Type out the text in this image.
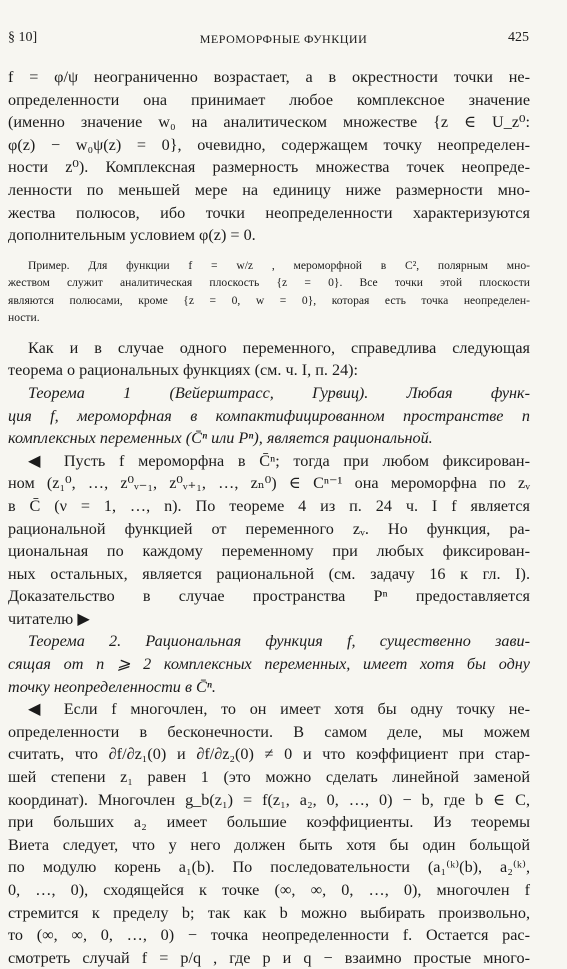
§ 10]	МЕРОМОРФНЫЕ ФУНКЦИИ	425
f = φ/ψ неограниченно возрастает, а в окрестности точки не-
определенности она принимает любое комплексное значение
(именно значение w₀ на аналитическом множестве {z ∈ U_z⁰:
φ(z) − w₀ψ(z) = 0}, очевидно, содержащем точку неопределен-
ности z⁰). Комплексная размерность множества точек неопреде-
ленности по меньшей мере на единицу ниже размерности мно-
жества полюсов, ибо точки неопределенности характеризуются
дополнительным условием φ(z) = 0.
Пример. Для функции f = w/z , мероморфной в C², полярным мно-
жеством служит аналитическая плоскость {z = 0}. Все точки этой плоскости
являются полюсами, кроме {z = 0, w = 0}, которая есть точка неопределен-
ности.
Как и в случае одного переменного, справедлива следующая
теорема о рациональных функциях (см. ч. I, п. 24):
Теорема 1 (Вейерштрасс, Гурвиц). Любая функ-
ция f, мероморфная в компактифицированном пространстве n
комплексных переменных (C̄ⁿ или Pⁿ), является рациональной.
◀ Пусть f мероморфна в C̄ⁿ; тогда при любом фиксирован-
ном (z₁⁰, …, z⁰ᵥ₋₁, z⁰ᵥ₊₁, …, zₙ⁰) ∈ Cⁿ⁻¹ она мероморфна по zᵥ
в C̄ (ν = 1, …, n). По теореме 4 из п. 24 ч. I f является
рациональной функцией от переменного zᵥ. Но функция, ра-
циональная по каждому переменному при любых фиксирован-
ных остальных, является рациональной (см. задачу 16 к гл. I).
Доказательство в случае пространства Pⁿ предоставляется
читателю ▶
Теорема 2. Рациональная функция f, существенно зави-
сящая от n ⩾ 2 комплексных переменных, имеет хотя бы одну
точку неопределенности в C̄ⁿ.
◀ Если f многочлен, то он имеет хотя бы одну точку не-
определенности в бесконечности. В самом деле, мы можем
считать, что ∂f/∂z₁(0) и ∂f/∂z₂(0) ≠ 0 и что коэффициент при стар-
шей степени z₁ равен 1 (это можно сделать линейной заменой
координат). Многочлен g_b(z₁) = f(z₁, a₂, 0, …, 0) − b, где b ∈ C,
при больших a₂ имеет большие коэффициенты. Из теоремы
Виета следует, что у него должен быть хотя бы один больщой
по модулю корень a₁(b). По последовательности (a₁⁽ᵏ⁾(b), a₂⁽ᵏ⁾,
0, …, 0), сходящейся к точке (∞, ∞, 0, …, 0), многочлен f
стремится к пределу b; так как b можно выбирать произвольно,
то (∞, ∞, 0, …, 0) − точка неопределенности f. Остается рас-
смотреть случай f = p/q , где p и q − взаимно простые много-
